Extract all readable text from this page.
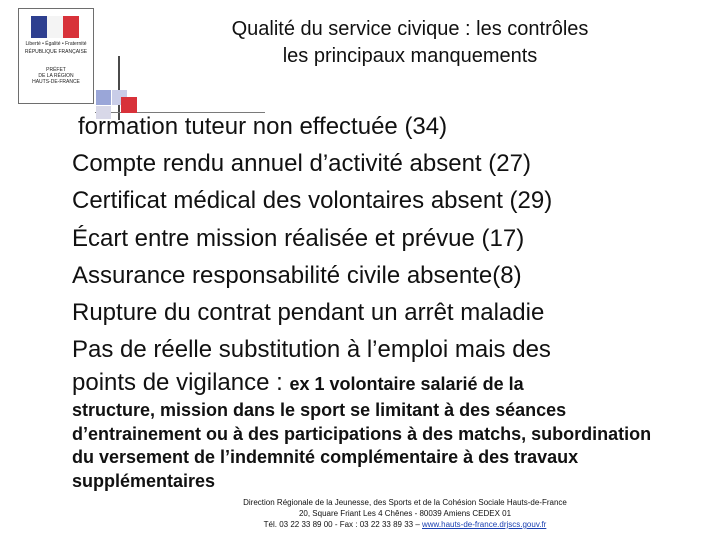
Liberté • Égalité • Fraternité
RÉPUBLIQUE FRANÇAISE
PRÉFET
DE LA RÉGION
HAUTS-DE-FRANCE
Qualité du service civique : les contrôles
les principaux manquements
formation tuteur non effectuée (34)
Compte rendu annuel d’activité absent (27)
Certificat médical des volontaires absent (29)
Écart entre mission réalisée et prévue (17)
Assurance responsabilité civile absente(8)
Rupture du contrat pendant un arrêt maladie
Pas de réelle substitution à l’emploi mais des
points de vigilance : ex 1 volontaire salarié de la
structure, mission dans le sport se limitant à des séances d’entrainement ou à des participations à des matchs, subordination du versement de l’indemnité complémentaire à des travaux supplémentaires
Direction Régionale de la Jeunesse, des Sports et de la Cohésion Sociale Hauts-de-France
20, Square Friant Les 4 Chênes - 80039 Amiens CEDEX 01
Tél. 03 22 33 89 00 - Fax : 03 22 33 89 33 – www.hauts-de-france.drjscs.gouv.fr
